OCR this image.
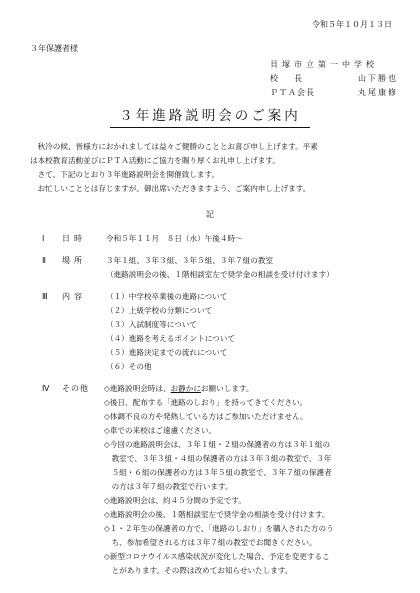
令和５年１０月１３日
３年保護者様
貝塚市立第一中学校
校　長	山下勝也
ＰＴＡ会長	丸尾康修
３年進路説明会のご案内

　秋冷の候、皆様方におかれましては益々ご健勝のこととお喜び申し上げます。平素

は本校教育活動並びにＰＴＡ活動にご協力を賜り厚くお礼申し上げます。

　さて、下記のとおり３年進路説明会を開催致します。

　お忙しいこととは存じますが、御出席いただきますよう、ご案内申し上げます。

記
Ⅰ 日時	令和５年１１月　８日（水）午後４時～
Ⅱ 場所	３年１組、３年３組、３年５組、３年７組の教室
（進路説明会の後、１階相談室左で奨学金の相談を受け付けます）
Ⅲ 内容	（１）中学校卒業後の進路について
（２）上級学校の分類について
（３）入試制度等について
（４）進路を考えるポイントについて
（５）進路決定までの流れについて
（６）その他
Ⅳ その他 ◇進路説明会時は、お静かにお願いします。
◇後日、配布する「進路のしおり」を持ってきてください。
◇体調不良の方や発熱している方はご参加いただけません。
◇車での来校はご遠慮ください。
◇今回の進路説明会は、３年１組・２組の保護者の方は３年１組の
　教室で、３年３組・４組の保護者の方は３年３組の教室で、３年
　５組・６組の保護者の方は３年５組の教室で、３年７組の保護者
　の方は３年７組の教室で行います。
◇進路説明会は、約４５分間の予定です。
◇進路説明会の後、１階相談室左で奨学金の相談を受け付けます。
◇１・２年生の保護者の方で、「進路のしおり」を購入された方のう
　ち、参加希望される方は３年７組の教室でお聞きください。
◇新型コロナウイルス感染状況が変化した場合、予定を変更するこ
　とがあります。その際は改めてお知らせいたします。
